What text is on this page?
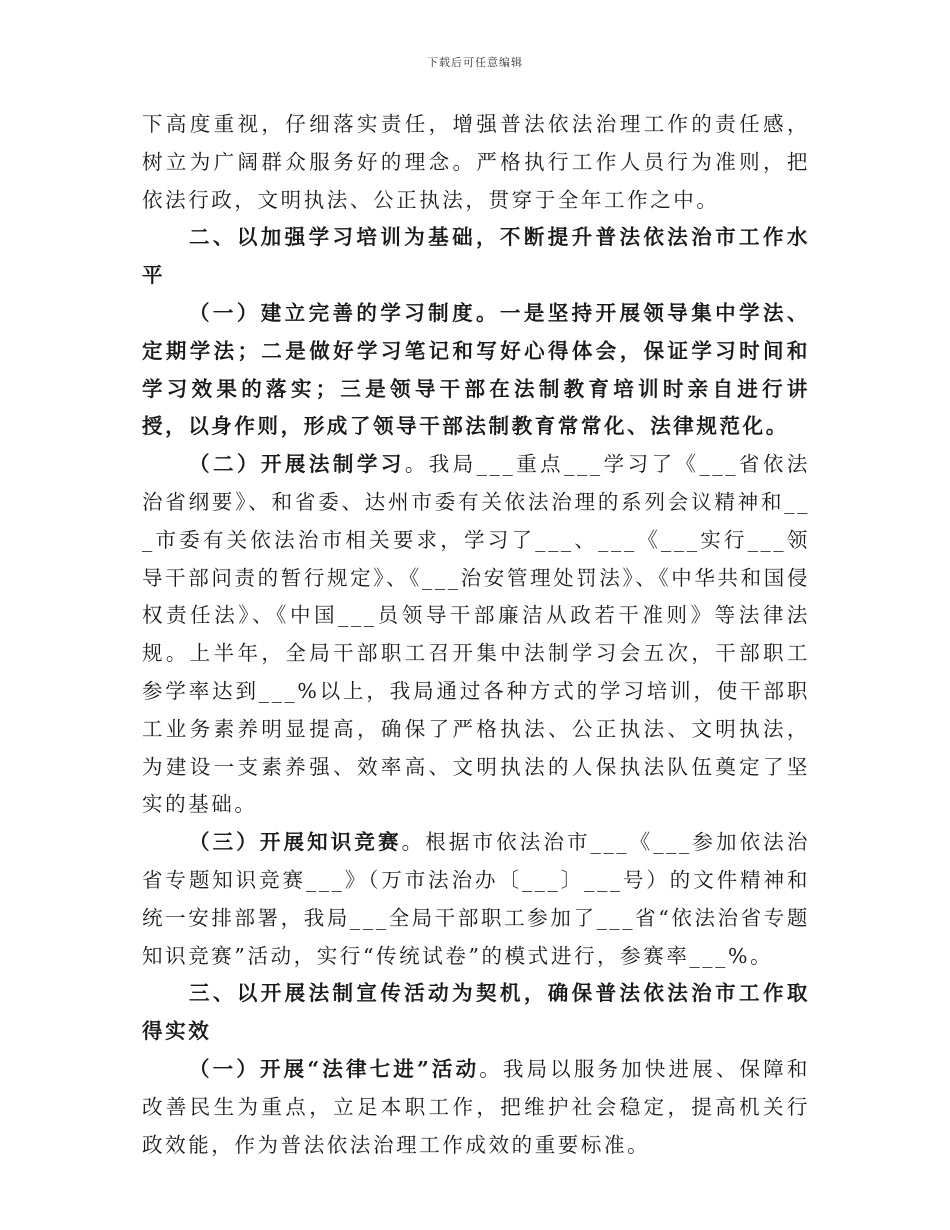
下载后可任意编辑

下高度重视，仔细落实责任，增强普法依法治理工作的责任感，树立为广阔群众服务好的理念。严格执行工作人员行为准则，把依法行政，文明执法、公正执法，贯穿于全年工作之中。

二、以加强学习培训为基础，不断提升普法依法治市工作水平

（一）建立完善的学习制度。一是坚持开展领导集中学法、定期学法；二是做好学习笔记和写好心得体会，保证学习时间和学习效果的落实；三是领导干部在法制教育培训时亲自进行讲授，以身作则，形成了领导干部法制教育常常化、法律规范化。

（二）开展法制学习。我局___重点___学习了《___省依法治省纲要》、和省委、达州市委有关依法治理的系列会议精神和___市委有关依法治市相关要求，学习了___、___《___实行___领导干部问责的暂行规定》、《___治安管理处罚法》、《中华共和国侵权责任法》、《中国___员领导干部廉洁从政若干准则》等法律法规。上半年，全局干部职工召开集中法制学习会五次，干部职工参学率达到___%以上，我局通过各种方式的学习培训，使干部职工业务素养明显提高，确保了严格执法、公正执法、文明执法，为建设一支素养强、效率高、文明执法的人保执法队伍奠定了坚实的基础。

（三）开展知识竞赛。根据市依法治市___《___参加依法治省专题知识竞赛___》（万市法治办〔___〕___号）的文件精神和统一安排部署，我局___全局干部职工参加了___省“依法治省专题知识竞赛”活动，实行“传统试卷”的模式进行，参赛率___%。

三、以开展法制宣传活动为契机，确保普法依法治市工作取得实效

（一）开展“法律七进”活动。我局以服务加快进展、保障和改善民生为重点，立足本职工作，把维护社会稳定，提高机关行政效能，作为普法依法治理工作成效的重要标准。
